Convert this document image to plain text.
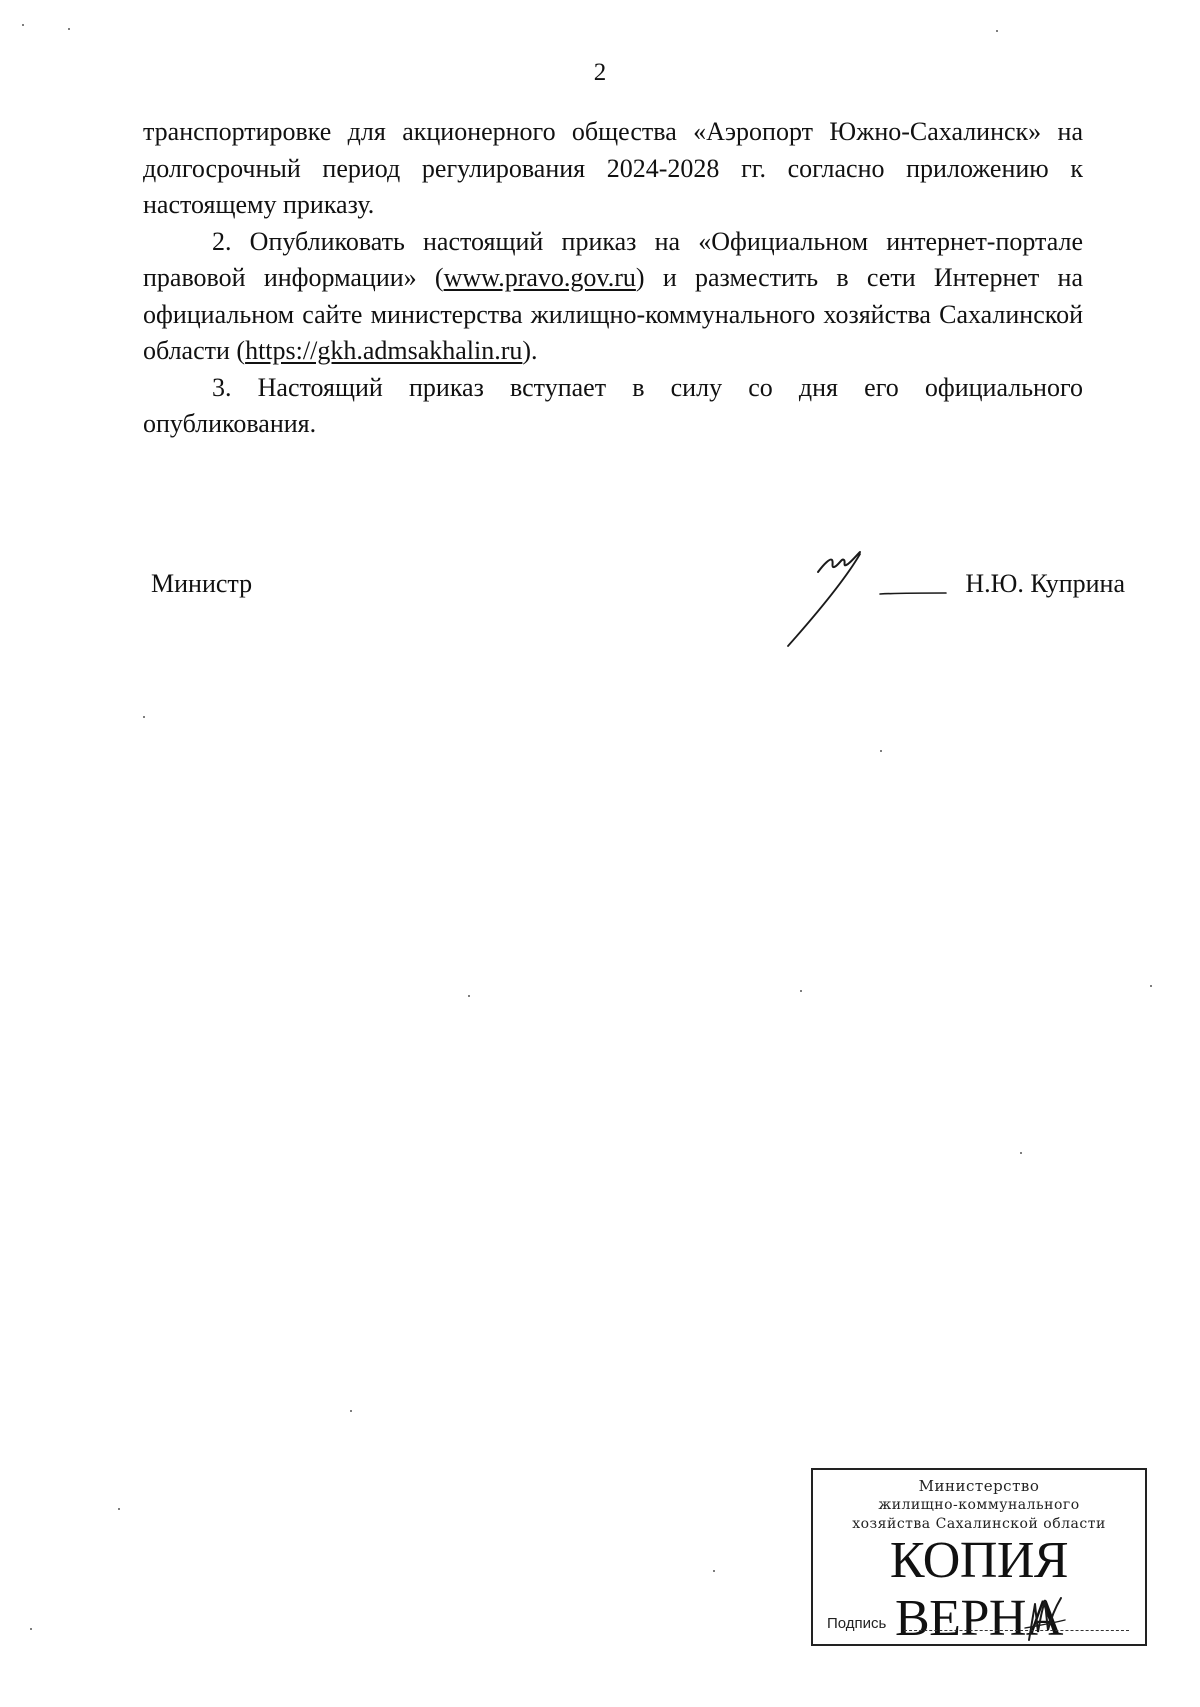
2

транспортировке для акционерного общества «Аэропорт Южно-Сахалинск» на долгосрочный период регулирования 2024-2028 гг. согласно приложению к настоящему приказу.

2. Опубликовать настоящий приказ на «Официальном интернет-портале правовой информации» (www.pravo.gov.ru) и разместить в сети Интернет на официальном сайте министерства жилищно-коммунального хозяйства Сахалинской области (https://gkh.admsakhalin.ru).

3. Настоящий приказ вступает в силу со дня его официального опубликования.

Министр	Н.Ю. Куприна
Министерство
жилищно-коммунального
хозяйства Сахалинской области
КОПИЯ ВЕРНА
Подпись
